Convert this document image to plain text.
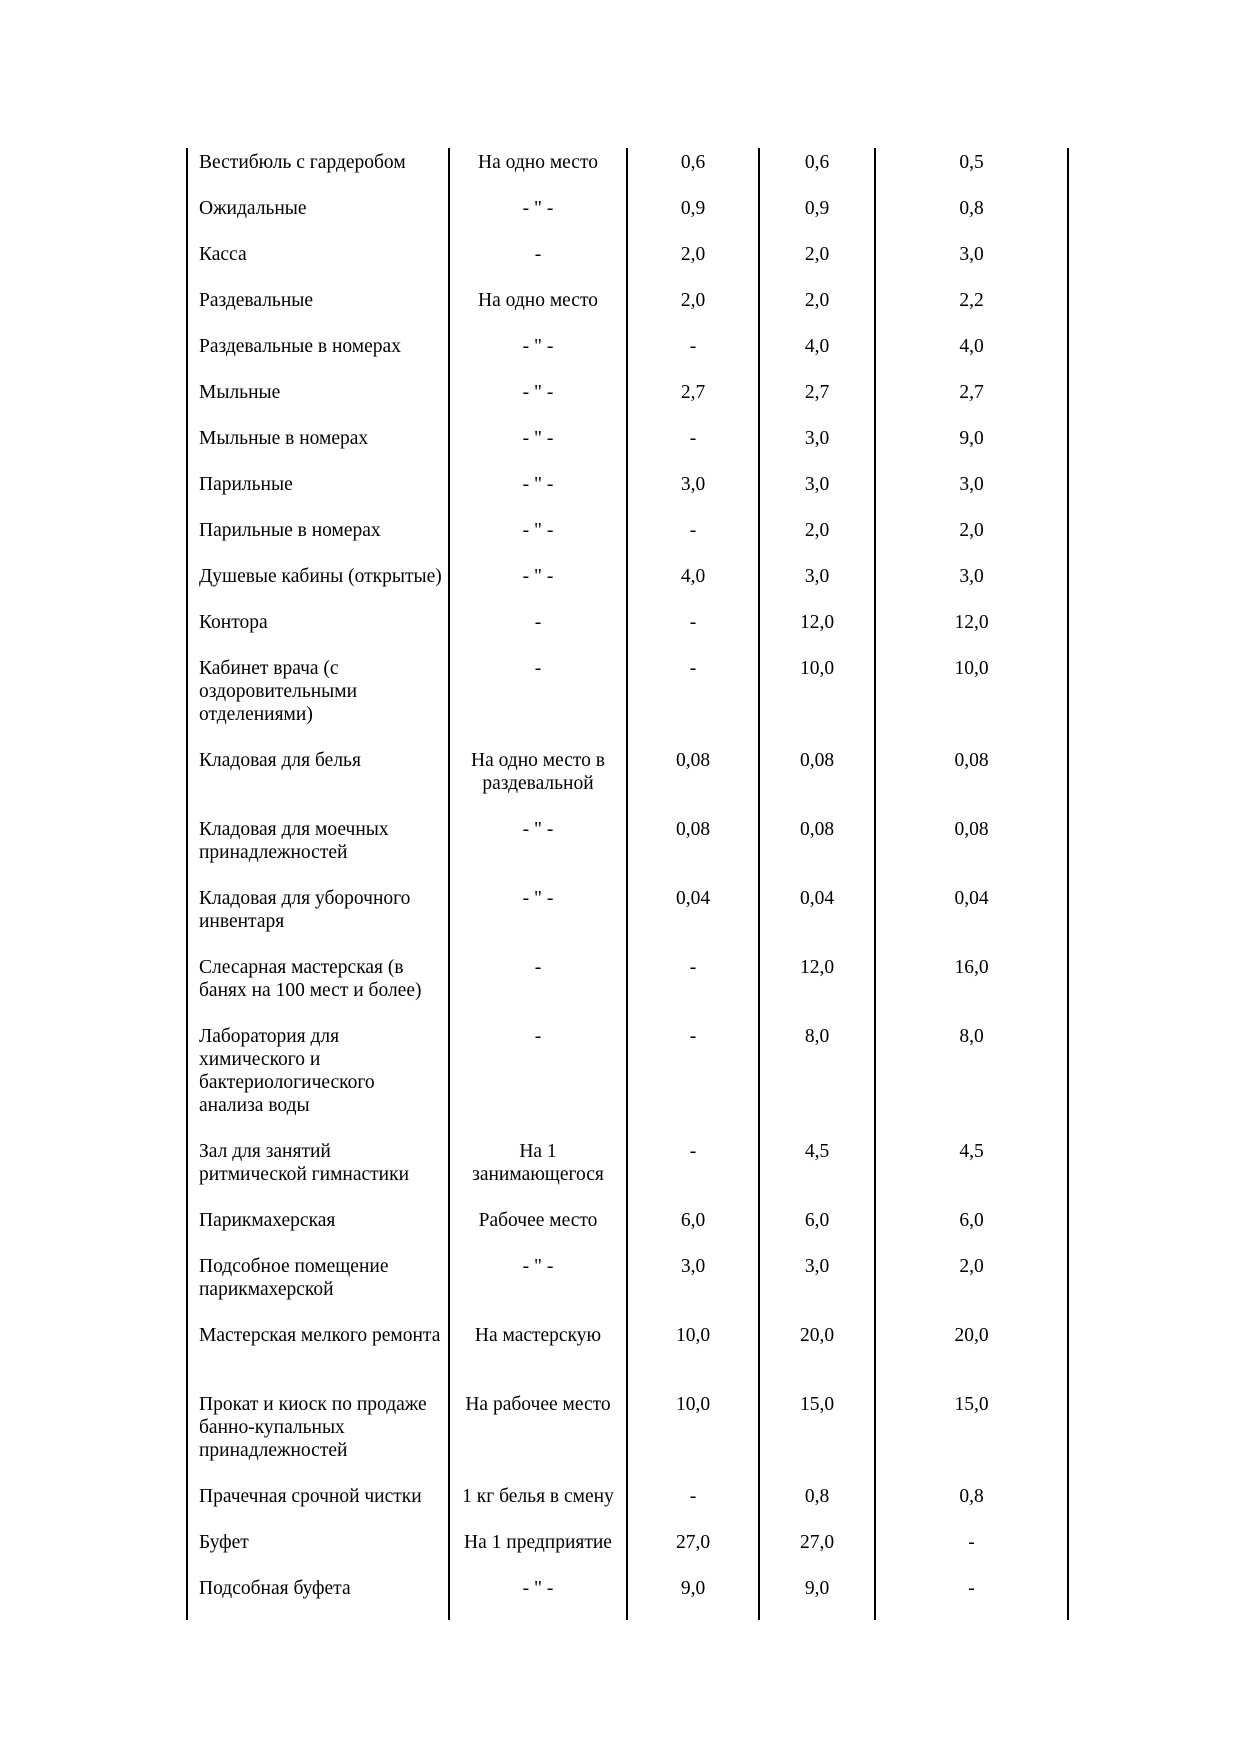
Вестибюль с гардеробом	На одно место	0,6	0,6	0,5
Ожидальные	- " -	0,9	0,9	0,8
Касса	-	2,0	2,0	3,0
Раздевальные	На одно место	2,0	2,0	2,2
Раздевальные в номерах	- " -	-	4,0	4,0
Мыльные	- " -	2,7	2,7	2,7
Мыльные в номерах	- " -	-	3,0	9,0
Парильные	- " -	3,0	3,0	3,0
Парильные в номерах	- " -	-	2,0	2,0
Душевые кабины (открытые)	- " -	4,0	3,0	3,0
Контора	-	-	12,0	12,0
Кабинет врача (с оздоровительными отделениями)	-	-	10,0	10,0
Кладовая для белья	На одно место в раздевальной	0,08	0,08	0,08
Кладовая для моечных принадлежностей	- " -	0,08	0,08	0,08
Кладовая для уборочного инвентаря	- " -	0,04	0,04	0,04
Слесарная мастерская (в банях на 100 мест и более)	-	-	12,0	16,0
Лаборатория для химического и бактериологического анализа воды	-	-	8,0	8,0
Зал для занятий ритмической гимнастики	На 1 занимающегося	-	4,5	4,5
Парикмахерская	Рабочее место	6,0	6,0	6,0
Подсобное помещение парикмахерской	- " -	3,0	3,0	2,0
Мастерская мелкого ремонта	На мастерскую	10,0	20,0	20,0
Прокат и киоск по продаже банно-купальных принадлежностей	На рабочее место	10,0	15,0	15,0
Прачечная срочной чистки	1 кг белья в смену	-	0,8	0,8
Буфет	На 1 предприятие	27,0	27,0	-
Подсобная буфета	- " -	9,0	9,0	-
